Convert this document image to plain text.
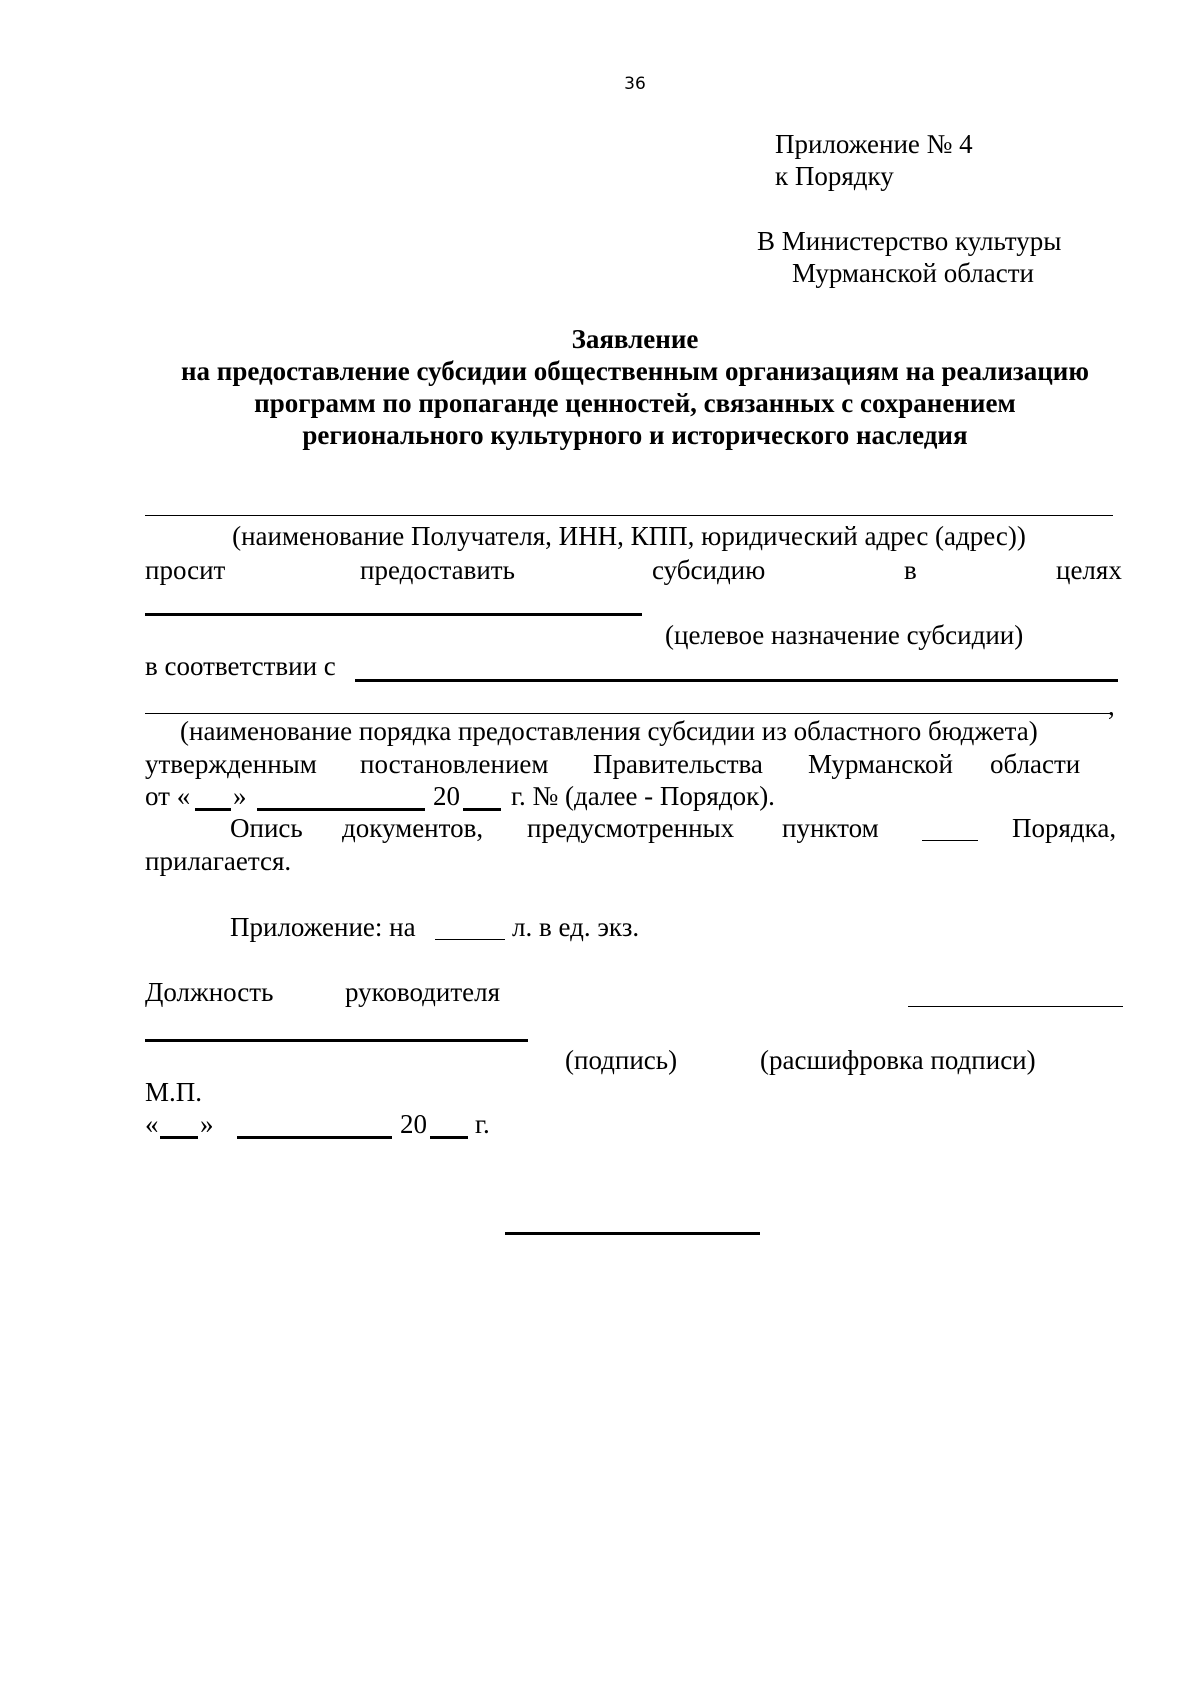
36
Приложение № 4
к Порядку
В Министерство культуры
Мурманской области
Заявление
на предоставление субсидии общественным организациям на реализацию
программ по пропаганде ценностей, связанных с сохранением
регионального культурного и исторического наследия
(наименование Получателя, ИНН, КПП, юридический адрес (адрес))
просит	предоставить	субсидию	в	целях
(целевое назначение субсидии)
в соответствии с
,
(наименование порядка предоставления субсидии из областного бюджета)
утвержденным постановлением Правительства Мурманской области
от « »	20 г. № (далее - Порядок).
Опись документов, предусмотренных пунктом	Порядка,
прилагается.
Приложение: на	л. в ед. экз.
Должность	руководителя
(подпись)	(расшифровка подписи)
М.П.
« »	20 г.
